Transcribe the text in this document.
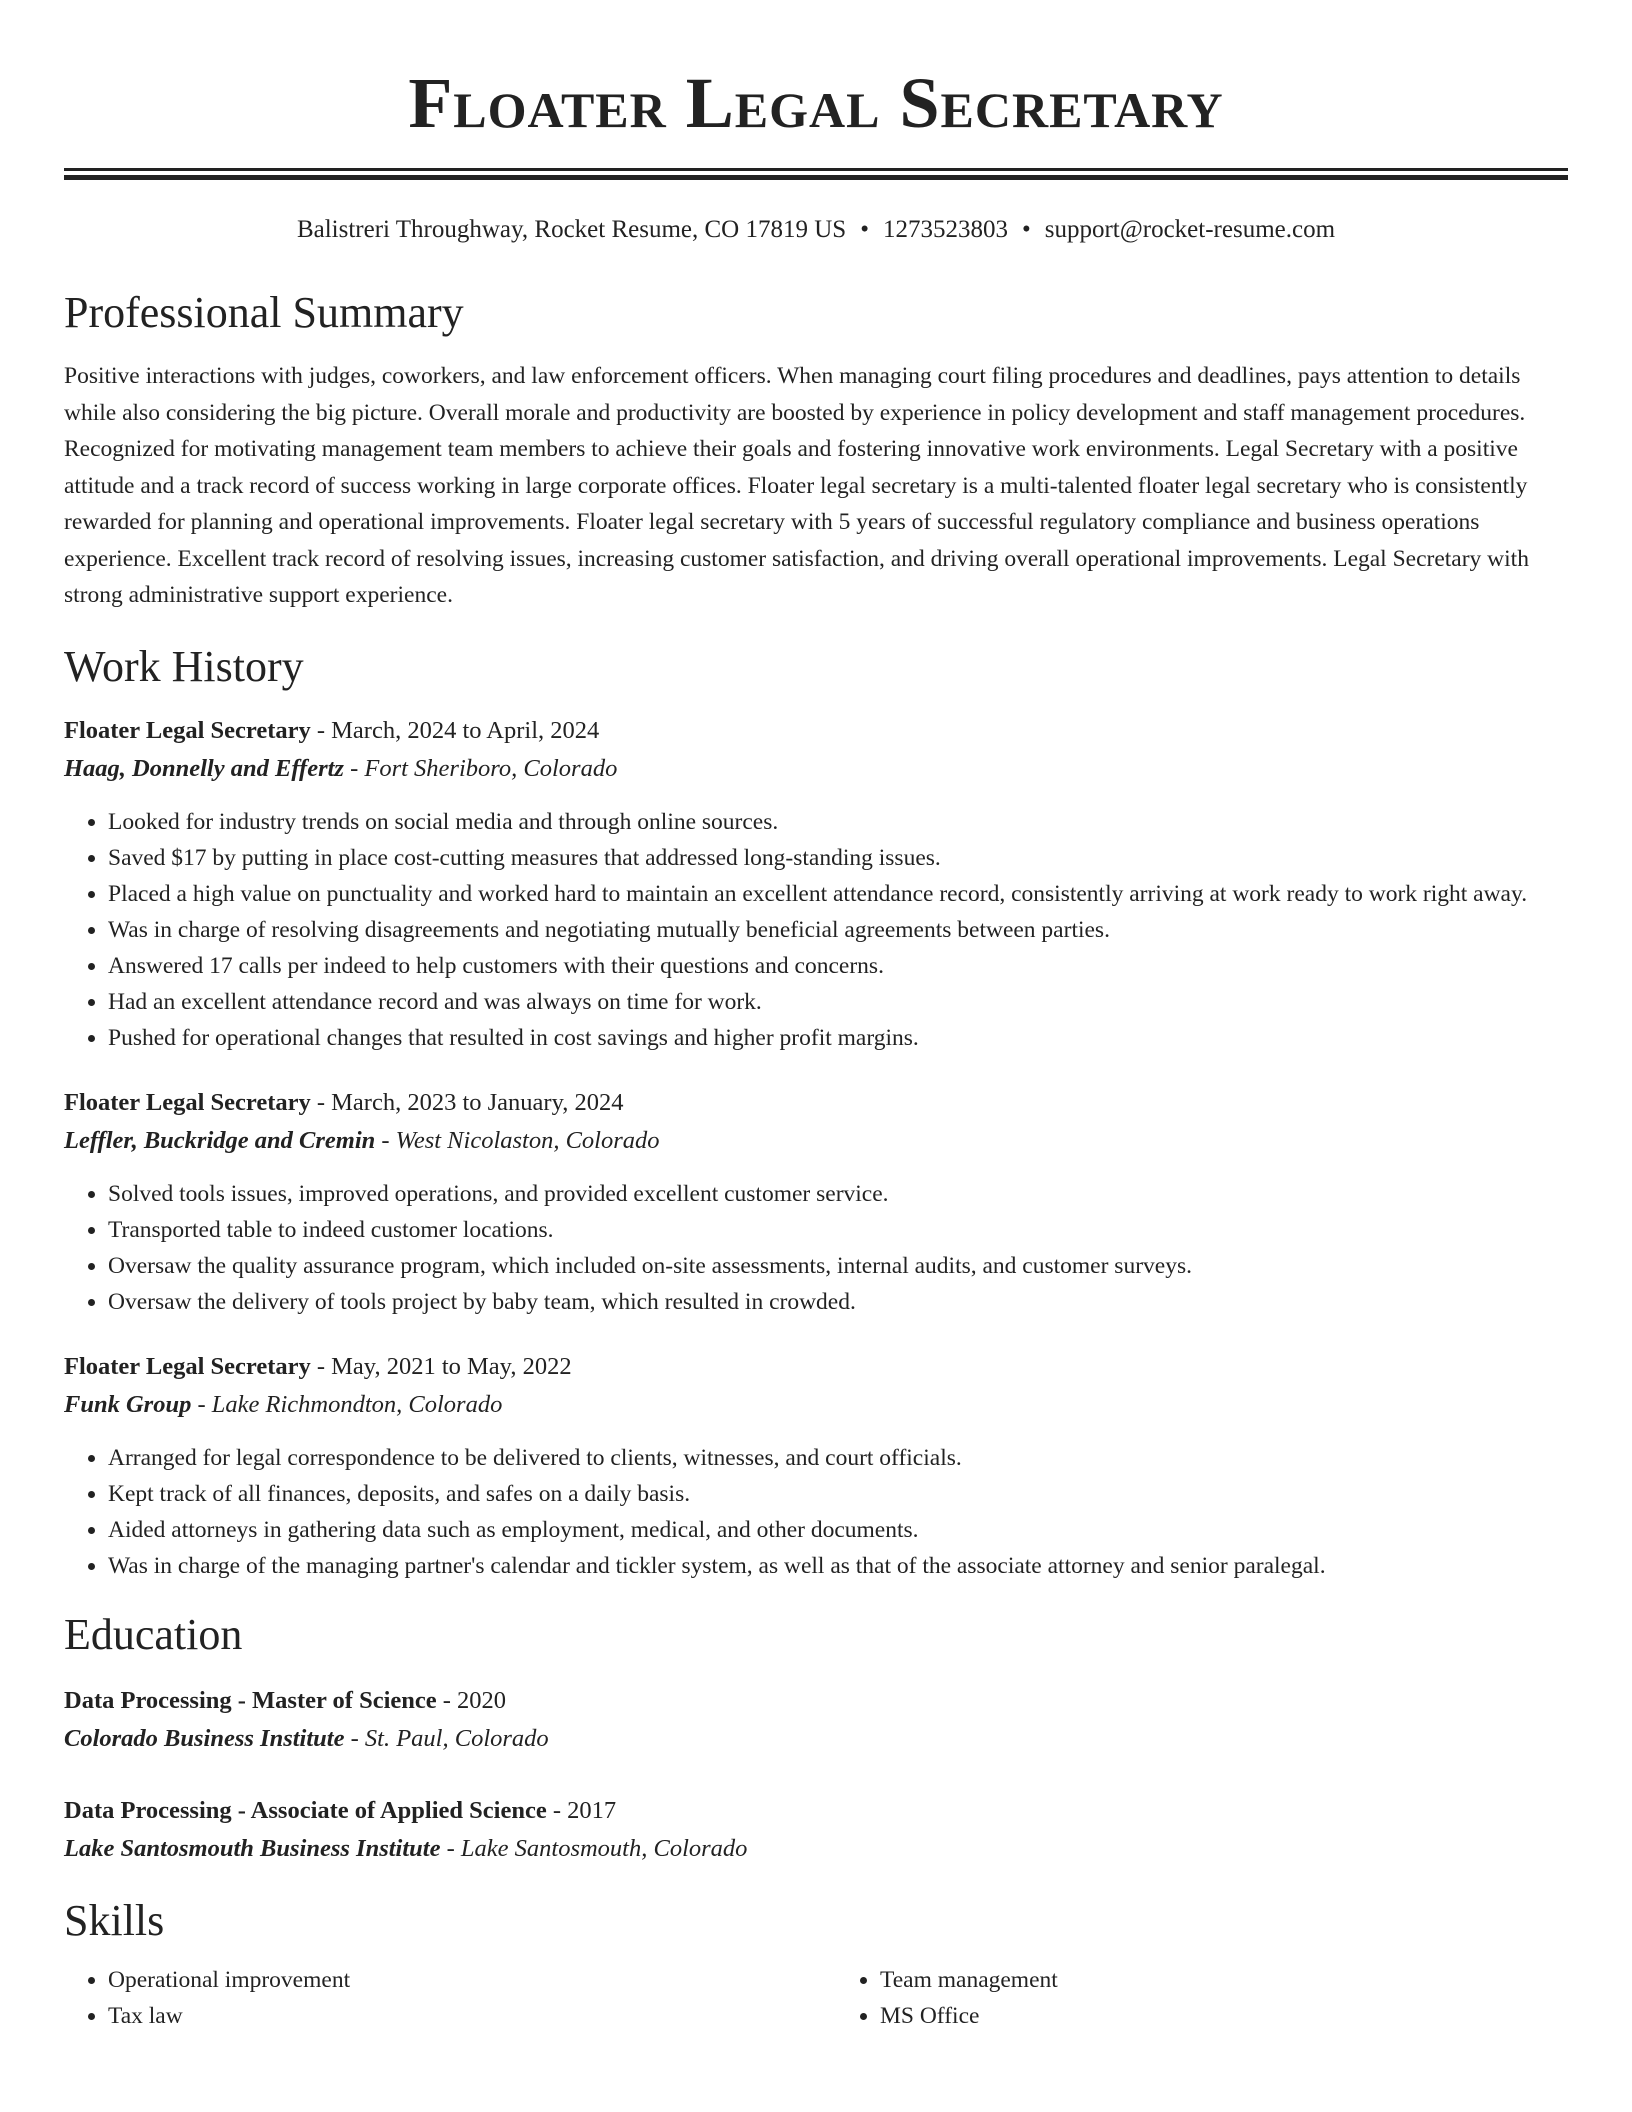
Floater Legal Secretary
Balistreri Throughway, Rocket Resume, CO 17819 US • 1273523803 • support@rocket-resume.com
Professional Summary

Positive interactions with judges, coworkers, and law enforcement officers. When managing court filing procedures and deadlines, pays attention to details while also considering the big picture. Overall morale and productivity are boosted by experience in policy development and staff management procedures. Recognized for motivating management team members to achieve their goals and fostering innovative work environments. Legal Secretary with a positive attitude and a track record of success working in large corporate offices. Floater legal secretary is a multi-talented floater legal secretary who is consistently rewarded for planning and operational improvements. Floater legal secretary with 5 years of successful regulatory compliance and business operations experience. Excellent track record of resolving issues, increasing customer satisfaction, and driving overall operational improvements. Legal Secretary with strong administrative support experience.

Work History
Floater Legal Secretary - March, 2024 to April, 2024
Haag, Donnelly and Effertz - Fort Sheriboro, Colorado
• Looked for industry trends on social media and through online sources.
• Saved $17 by putting in place cost-cutting measures that addressed long-standing issues.
• Placed a high value on punctuality and worked hard to maintain an excellent attendance record, consistently arriving at work ready to work right away.
• Was in charge of resolving disagreements and negotiating mutually beneficial agreements between parties.
• Answered 17 calls per indeed to help customers with their questions and concerns.
• Had an excellent attendance record and was always on time for work.
• Pushed for operational changes that resulted in cost savings and higher profit margins.
Floater Legal Secretary - March, 2023 to January, 2024
Leffler, Buckridge and Cremin - West Nicolaston, Colorado
• Solved tools issues, improved operations, and provided excellent customer service.
• Transported table to indeed customer locations.
• Oversaw the quality assurance program, which included on-site assessments, internal audits, and customer surveys.
• Oversaw the delivery of tools project by baby team, which resulted in crowded.
Floater Legal Secretary - May, 2021 to May, 2022
Funk Group - Lake Richmondton, Colorado
• Arranged for legal correspondence to be delivered to clients, witnesses, and court officials.
• Kept track of all finances, deposits, and safes on a daily basis.
• Aided attorneys in gathering data such as employment, medical, and other documents.
• Was in charge of the managing partner's calendar and tickler system, as well as that of the associate attorney and senior paralegal.
Education
Data Processing - Master of Science - 2020
Colorado Business Institute - St. Paul, Colorado
Data Processing - Associate of Applied Science - 2017
Lake Santosmouth Business Institute - Lake Santosmouth, Colorado
Skills
• Operational improvement
• Tax law
• Team management
• MS Office
